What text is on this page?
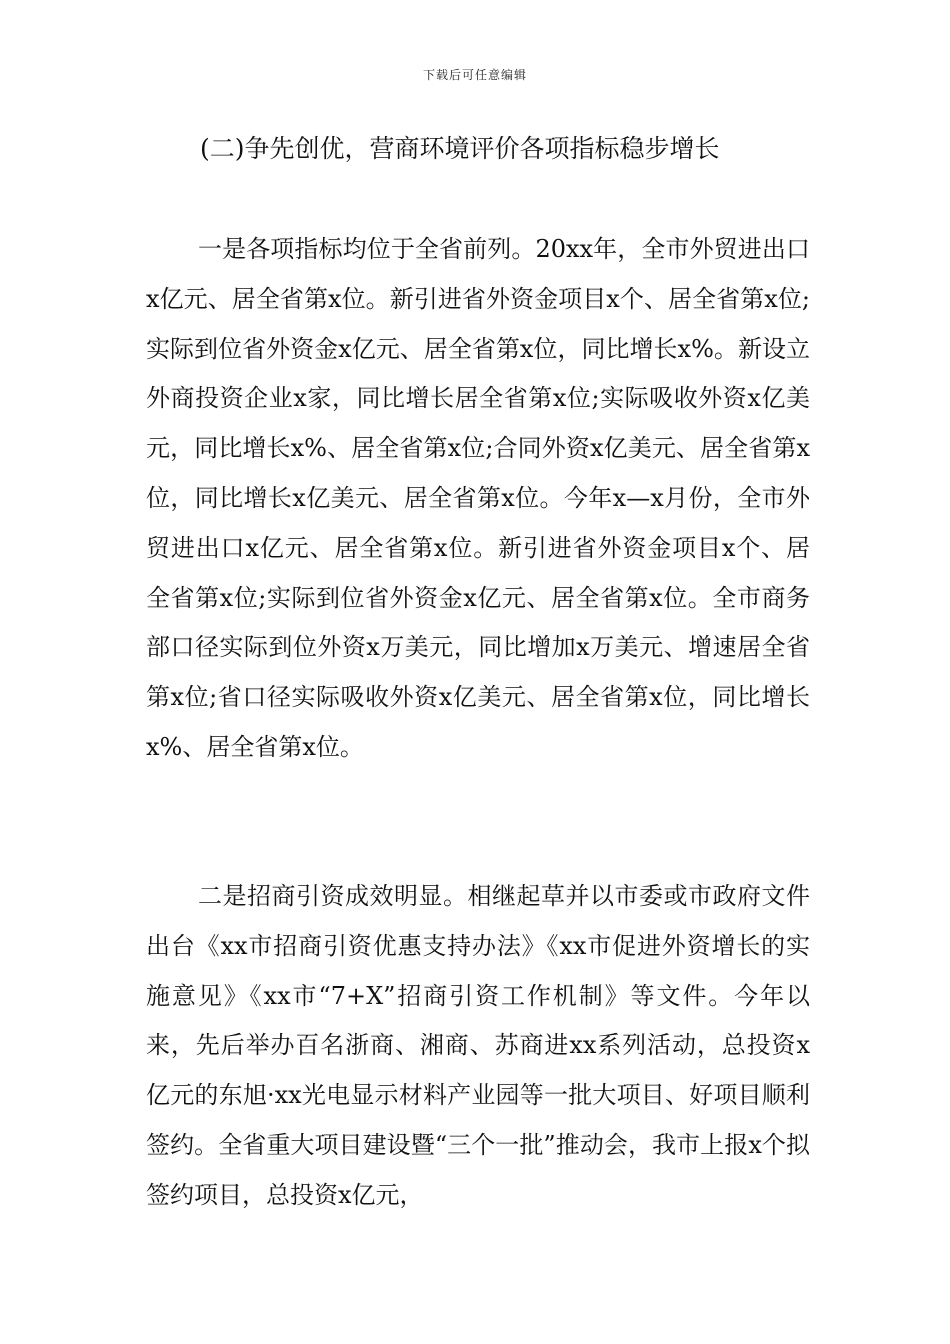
下载后可任意编辑
(二)争先创优，营商环境评价各项指标稳步增长

一是各项指标均位于全省前列。20xx年，全市外贸进出口x亿元、居全省第x位。新引进省外资金项目x个、居全省第x位;实际到位省外资金x亿元、居全省第x位，同比增长x%。新设立外商投资企业x家，同比增长居全省第x位;实际吸收外资x亿美元，同比增长x%、居全省第x位;合同外资x亿美元、居全省第x位，同比增长x亿美元、居全省第x位。今年x—x月份，全市外贸进出口x亿元、居全省第x位。新引进省外资金项目x个、居全省第x位;实际到位省外资金x亿元、居全省第x位。全市商务部口径实际到位外资x万美元，同比增加x万美元、增速居全省第x位;省口径实际吸收外资x亿美元、居全省第x位，同比增长x%、居全省第x位。

二是招商引资成效明显。相继起草并以市委或市政府文件出台《xx市招商引资优惠支持办法》《xx市促进外资增长的实施意见》《xx市“7+X”招商引资工作机制》等文件。今年以来，先后举办百名浙商、湘商、苏商进xx系列活动，总投资x亿元的东旭·xx光电显示材料产业园等一批大项目、好项目顺利签约。全省重大项目建设暨“三个一批”推动会，我市上报x个拟签约项目，总投资x亿元，
